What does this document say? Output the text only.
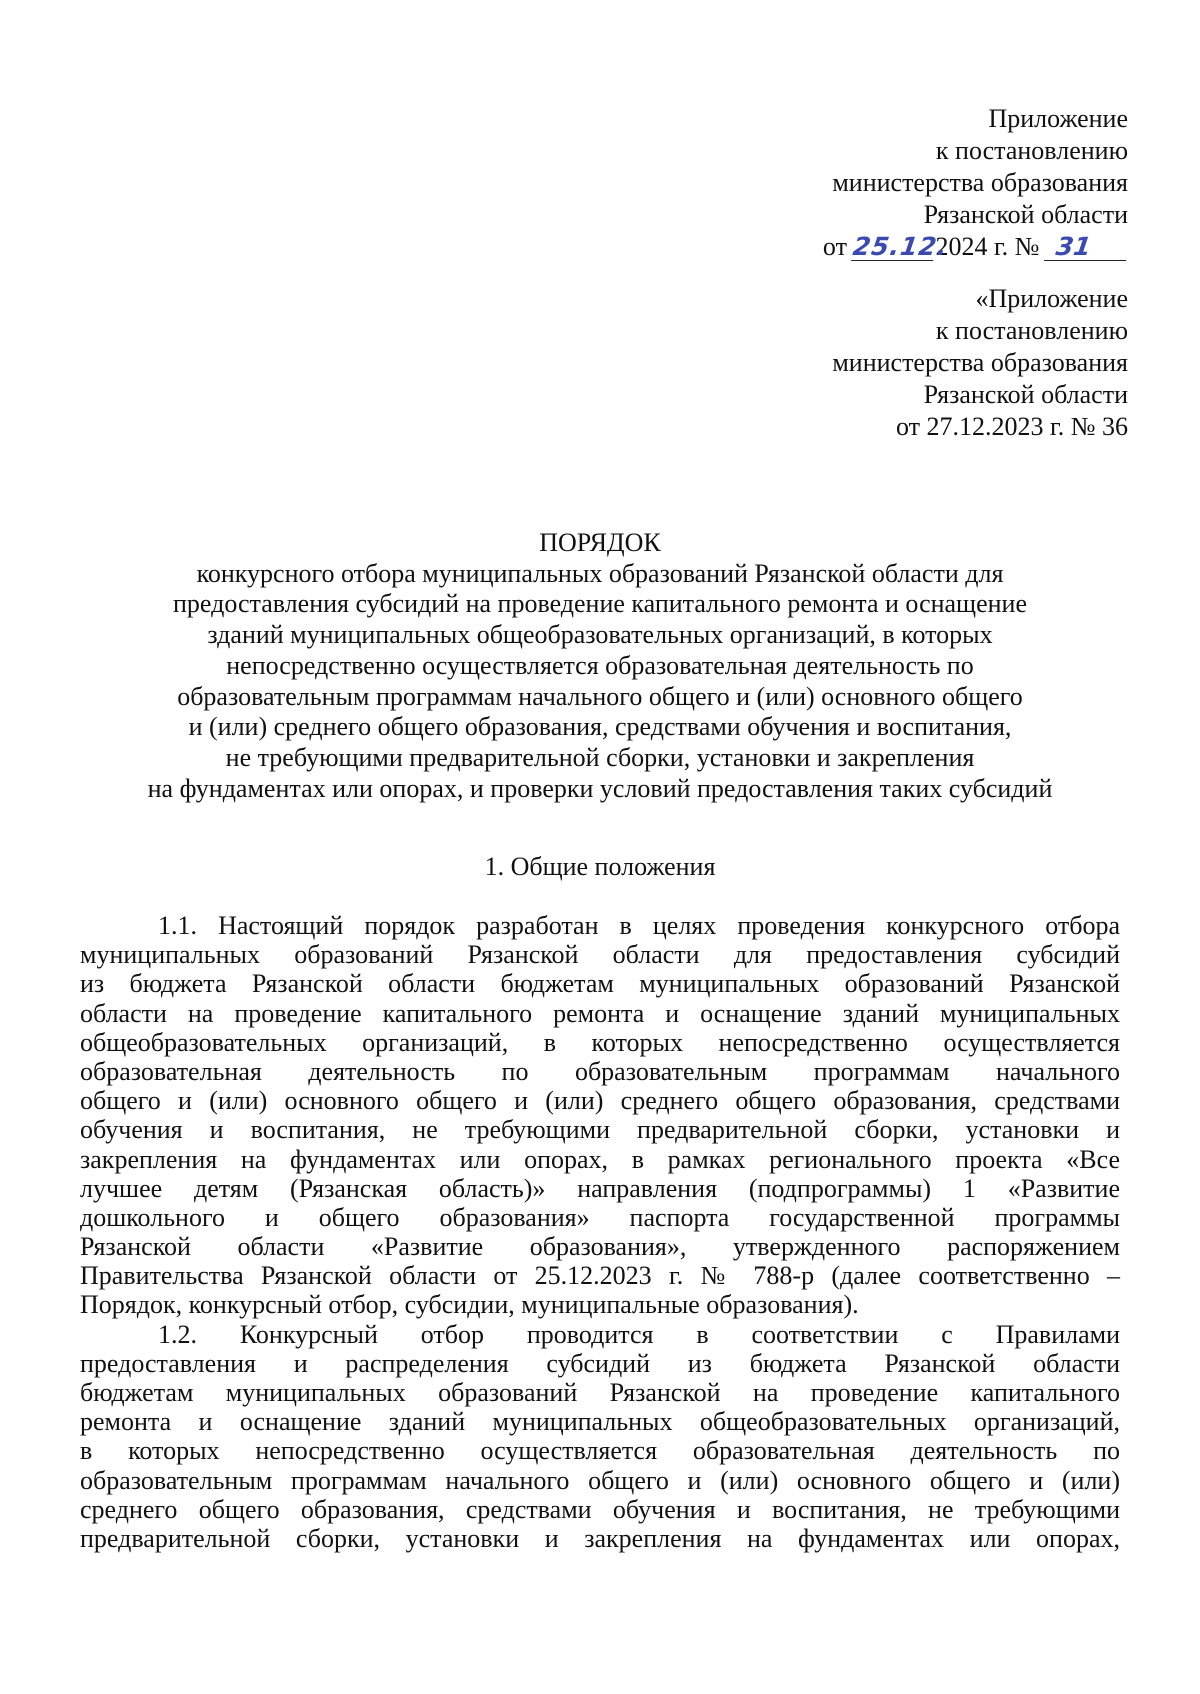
Приложение
к постановлению
министерства образования
Рязанской области
от 25.12.2024 г. № 31
«Приложение
к постановлению
министерства образования
Рязанской области
от 27.12.2023 г. № 36
ПОРЯДОК
конкурсного отбора муниципальных образований Рязанской области для
предоставления субсидий на проведение капитального ремонта и оснащение
зданий муниципальных общеобразовательных организаций, в которых
непосредственно осуществляется образовательная деятельность по
образовательным программам начального общего и (или) основного общего
и (или) среднего общего образования, средствами обучения и воспитания,
не требующими предварительной сборки, установки и закрепления
на фундаментах или опорах, и проверки условий предоставления таких субсидий
1. Общие положения
1.1. Настоящий порядок разработан в целях проведения конкурсного отбора
муниципальных образований Рязанской области для предоставления субсидий
из бюджета Рязанской области бюджетам муниципальных образований Рязанской
области на проведение капитального ремонта и оснащение зданий муниципальных
общеобразовательных организаций, в которых непосредственно осуществляется
образовательная деятельность по образовательным программам начального
общего и (или) основного общего и (или) среднего общего образования, средствами
обучения и воспитания, не требующими предварительной сборки, установки и
закрепления на фундаментах или опорах, в рамках регионального проекта «Все
лучшее детям (Рязанская область)» направления (подпрограммы) 1 «Развитие
дошкольного и общего образования» паспорта государственной программы
Рязанской области «Развитие образования», утвержденного распоряжением
Правительства Рязанской области от 25.12.2023 г. № 788-р (далее соответственно –
Порядок, конкурсный отбор, субсидии, муниципальные образования).
1.2. Конкурсный отбор проводится в соответствии с Правилами
предоставления и распределения субсидий из бюджета Рязанской области
бюджетам муниципальных образований Рязанской на проведение капитального
ремонта и оснащение зданий муниципальных общеобразовательных организаций,
в которых непосредственно осуществляется образовательная деятельность по
образовательным программам начального общего и (или) основного общего и (или)
среднего общего образования, средствами обучения и воспитания, не требующими
предварительной сборки, установки и закрепления на фундаментах или опорах,
